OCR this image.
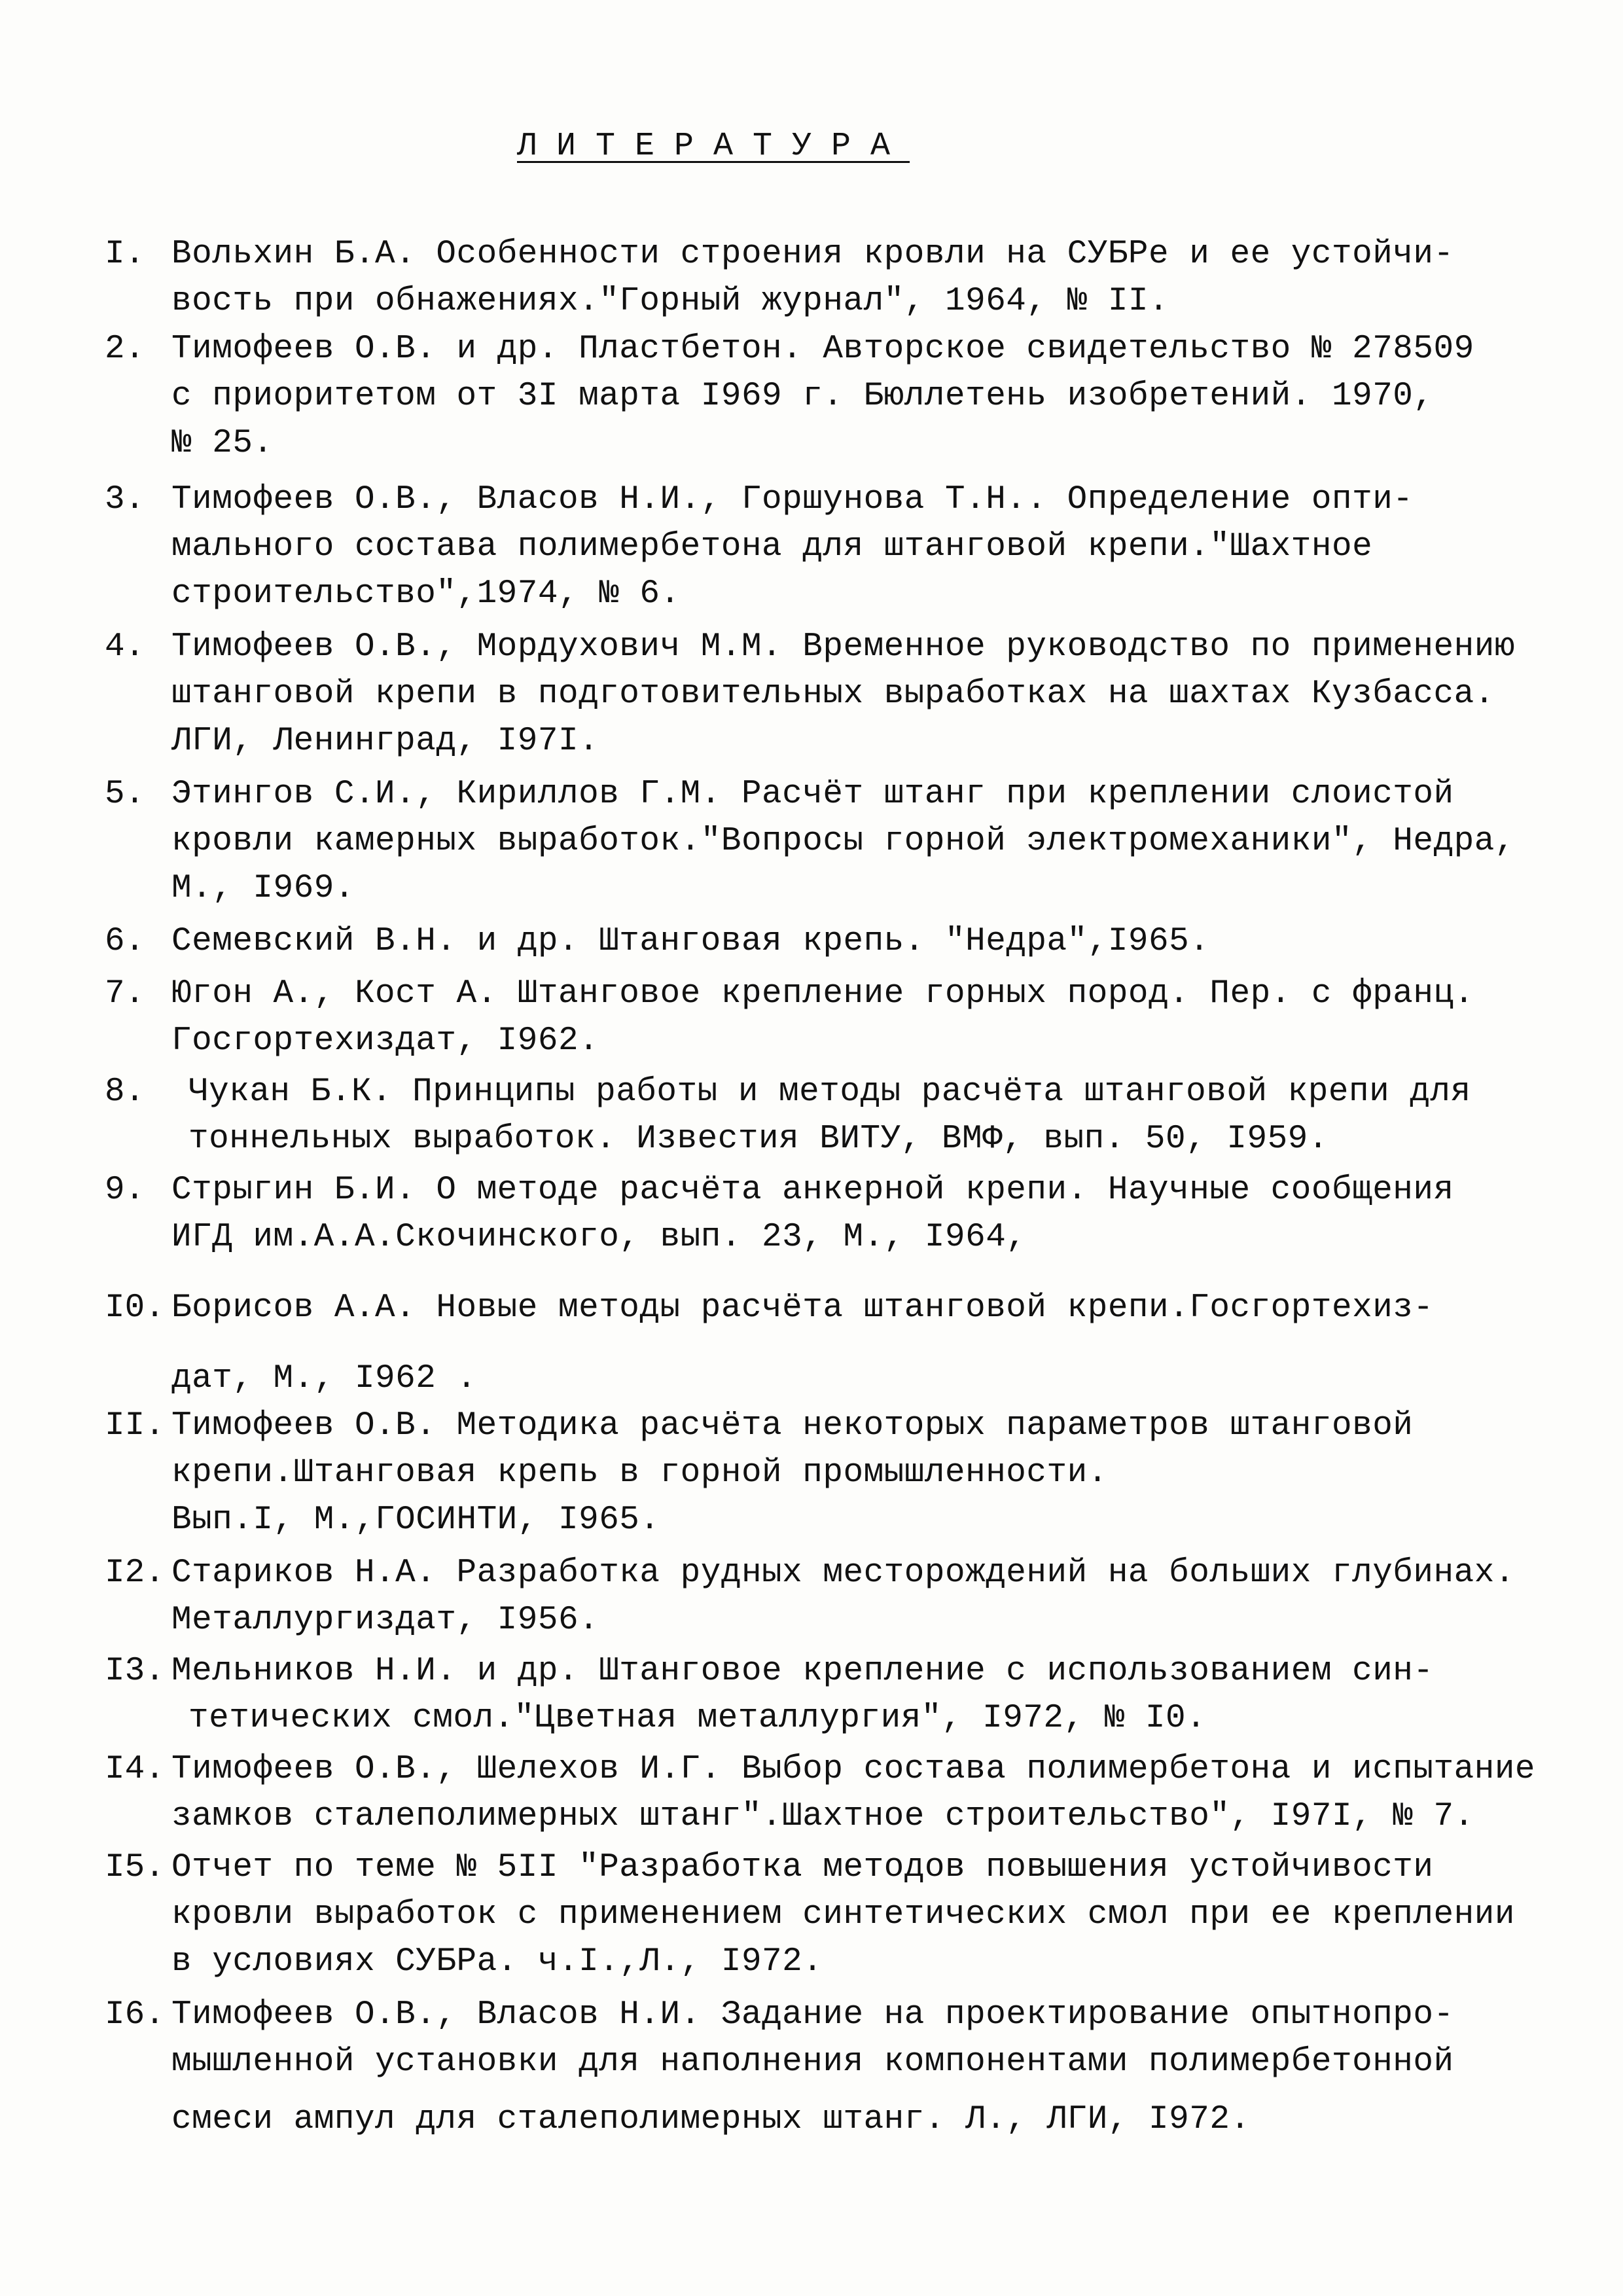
ЛИТЕРАТУРА
I. Вольхин Б.А. Особенности строения кровли на СУБРе и ее устойчи-
вость при обнажениях."Горный журнал", 1964, № II.
2. Тимофеев О.В. и др. Пластбетон. Авторское свидетельство № 278509
с приоритетом от 3I марта I969 г. Бюллетень изобретений. 1970,
№ 25.
3. Тимофеев О.В., Власов Н.И., Горшунова Т.Н.. Определение опти-
мального состава полимербетона для штанговой крепи."Шахтное
строительство",1974, № 6.
4. Тимофеев О.В., Мордухович М.М. Временное руководство по применению
штанговой крепи в подготовительных выработках на шахтах Кузбасса.
ЛГИ, Ленинград, I97I.
5. Этингов С.И., Кириллов Г.М. Расчёт штанг при креплении слоистой
кровли камерных выработок."Вопросы горной электромеханики", Недра,
М., I969.
6. Семевский В.Н. и др. Штанговая крепь. "Недра",I965.
7. Югон А., Кост А. Штанговое крепление горных пород. Пер. с франц.
Госгортехиздат, I962.
8. Чукан Б.К. Принципы работы и методы расчёта штанговой крепи для
тоннельных выработок. Известия ВИТУ, ВМФ, вып. 50, I959.
9. Стрыгин Б.И. О методе расчёта анкерной крепи. Научные сообщения
ИГД им.А.А.Скочинского, вып. 23, М., I964,
I0. Борисов А.А. Новые методы расчёта штанговой крепи.Госгортехиз-
дат, М., I962 .
II. Тимофеев О.В. Методика расчёта некоторых параметров штанговой
крепи.Штанговая крепь в горной промышленности.
Вып.I, М.,ГОСИНТИ, I965.
I2. Стариков Н.А. Разработка рудных месторождений на больших глубинах.
Металлургиздат, I956.
I3. Мельников Н.И. и др. Штанговое крепление с использованием син-
тетических смол."Цветная металлургия", I972, № I0.
I4. Тимофеев О.В., Шелехов И.Г. Выбор состава полимербетона и испытание
замков сталеполимерных штанг".Шахтное строительство", I97I, № 7.
I5. Отчет по теме № 5II "Разработка методов повышения устойчивости
кровли выработок с применением синтетических смол при ее креплении
в условиях СУБРа. ч.I.,Л., I972.
I6. Тимофеев О.В., Власов Н.И. Задание на проектирование опытнопро-
мышленной установки для наполнения компонентами полимербетонной
смеси ампул для сталеполимерных штанг. Л., ЛГИ, I972.
